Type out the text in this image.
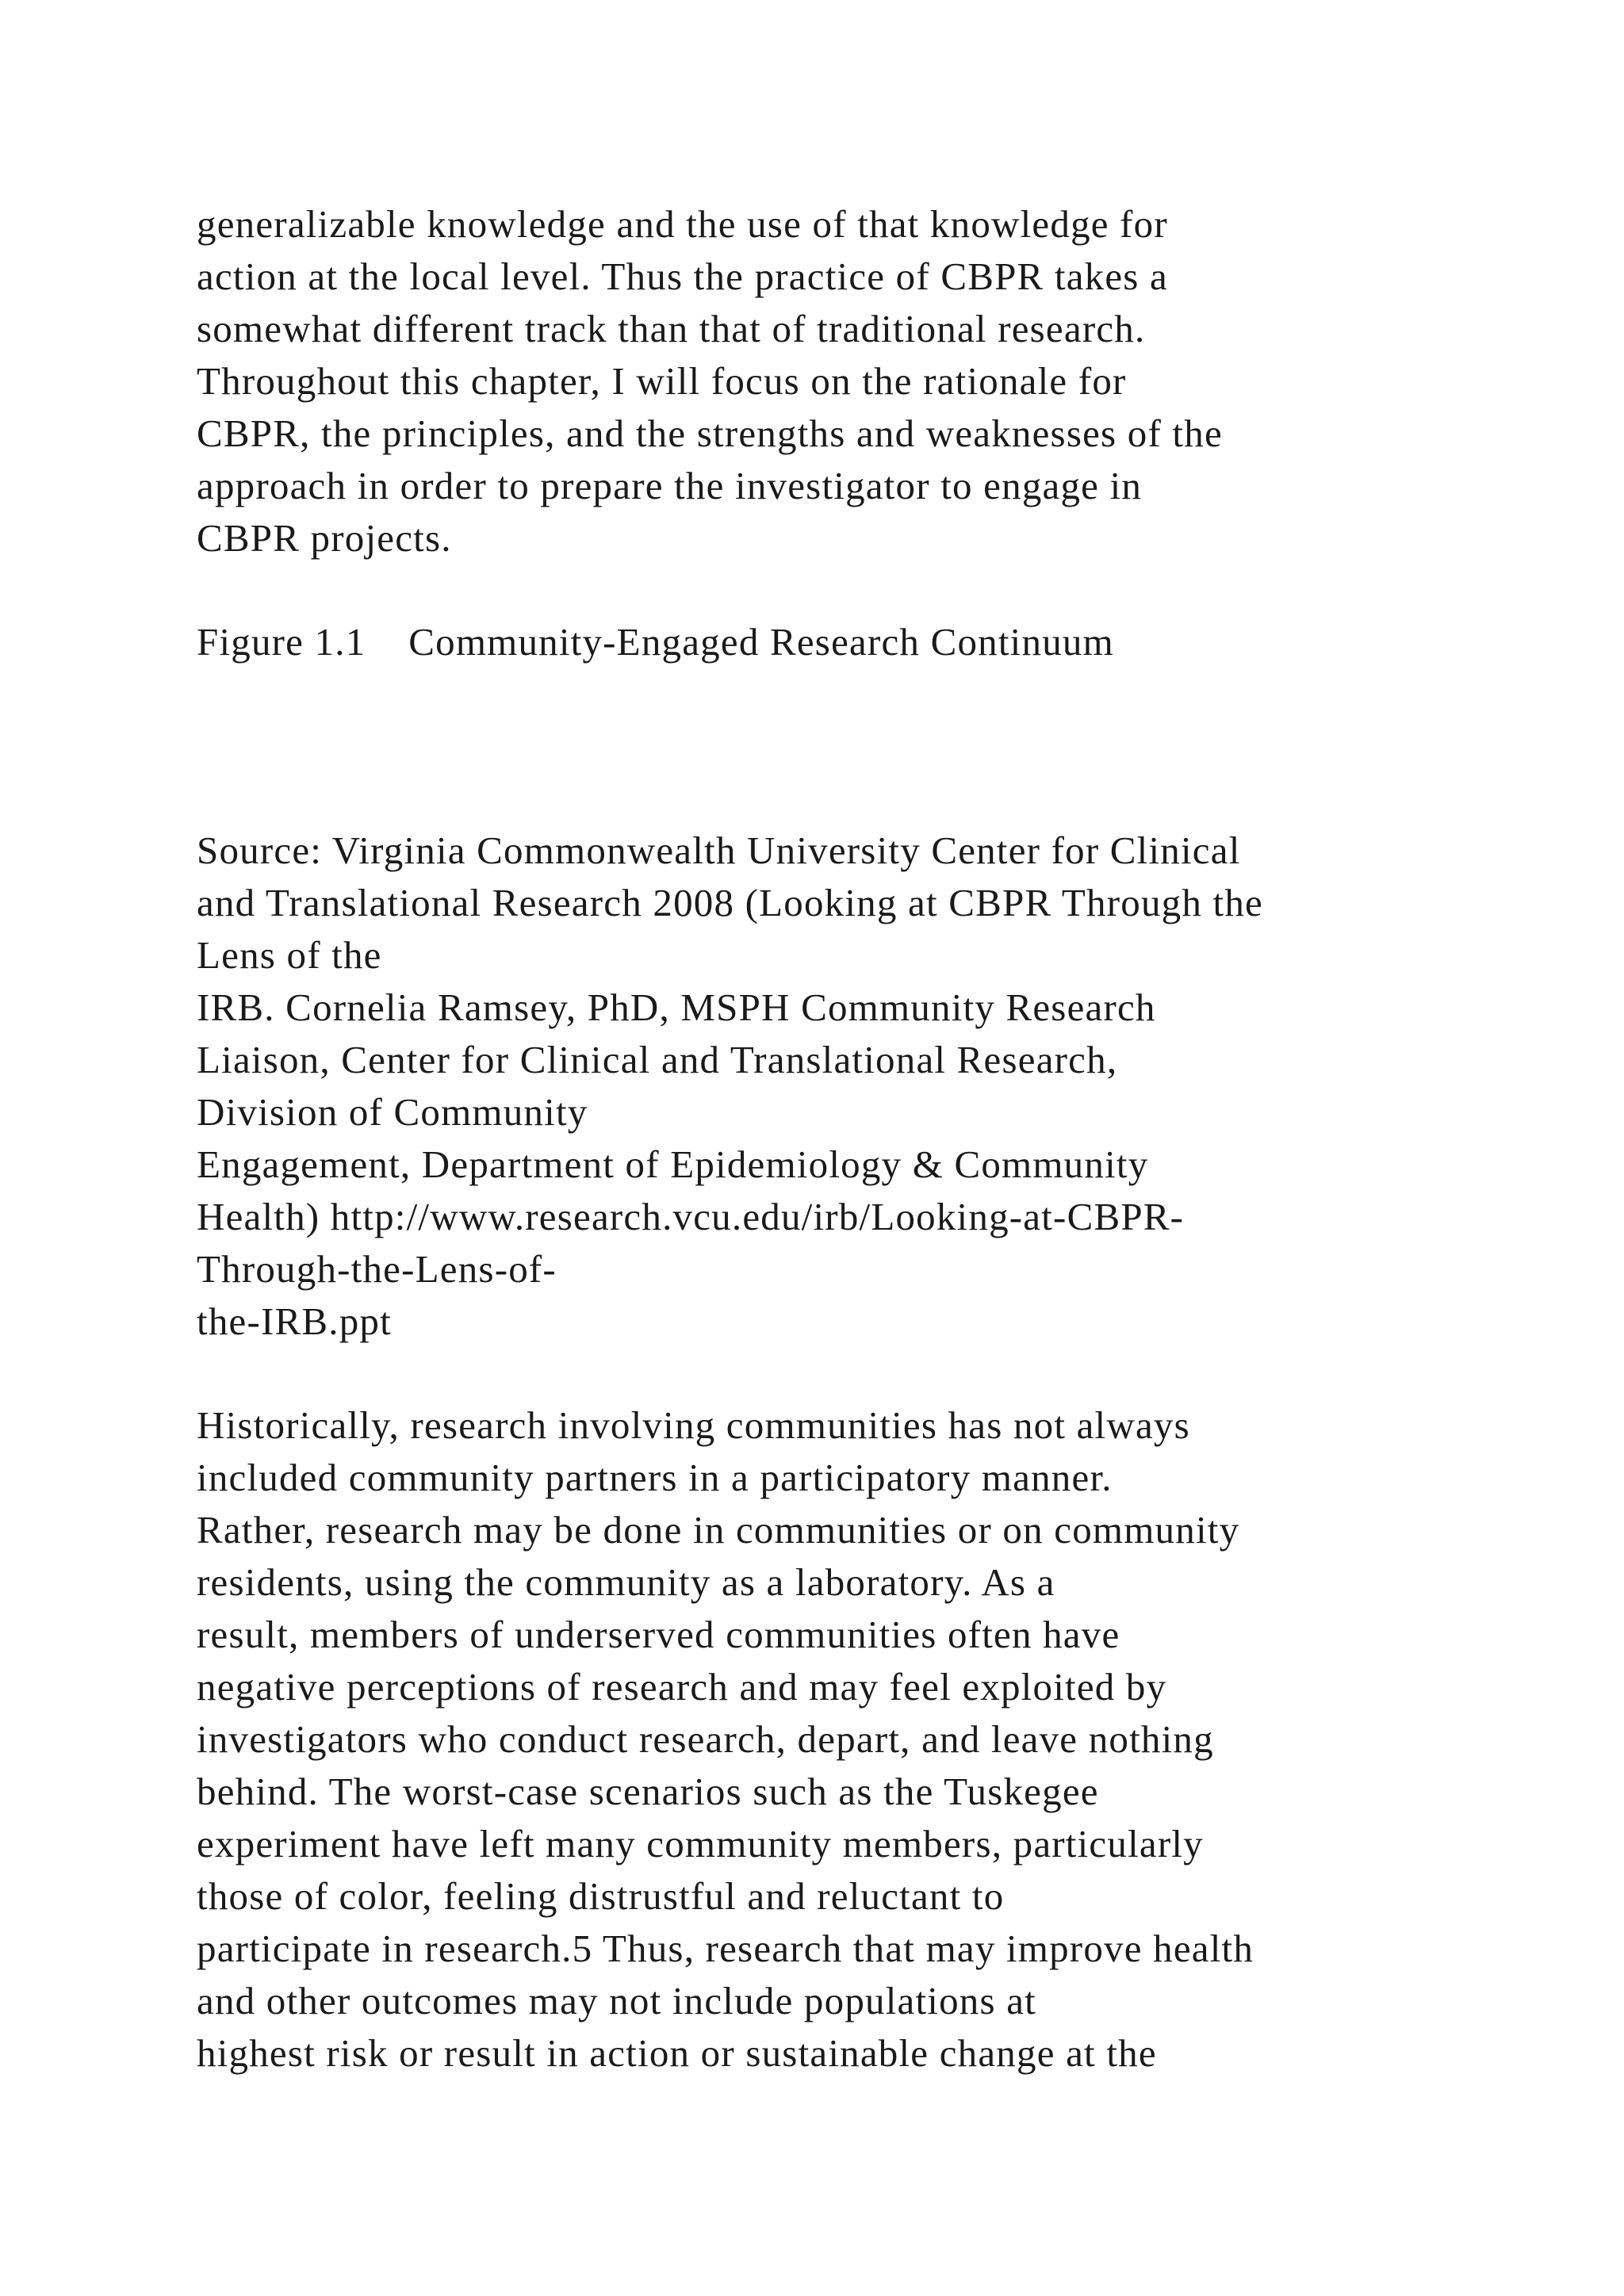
generalizable knowledge and the use of that knowledge for
action at the local level. Thus the practice of CBPR takes a
somewhat different track than that of traditional research.
Throughout this chapter, I will focus on the rationale for
CBPR, the principles, and the strengths and weaknesses of the
approach in order to prepare the investigator to engage in
CBPR projects.
Figure 1.1    Community-Engaged Research Continuum
Source: Virginia Commonwealth University Center for Clinical
and Translational Research 2008 (Looking at CBPR Through the
Lens of the
IRB. Cornelia Ramsey, PhD, MSPH Community Research
Liaison, Center for Clinical and Translational Research,
Division of Community
Engagement, Department of Epidemiology & Community
Health) http://www.research.vcu.edu/irb/Looking-at-CBPR-
Through-the-Lens-of-
the-IRB.ppt
Historically, research involving communities has not always
included community partners in a participatory manner.
Rather, research may be done in communities or on community
residents, using the community as a laboratory. As a
result, members of underserved communities often have
negative perceptions of research and may feel exploited by
investigators who conduct research, depart, and leave nothing
behind. The worst-case scenarios such as the Tuskegee
experiment have left many community members, particularly
those of color, feeling distrustful and reluctant to
participate in research.5 Thus, research that may improve health
and other outcomes may not include populations at
highest risk or result in action or sustainable change at the
